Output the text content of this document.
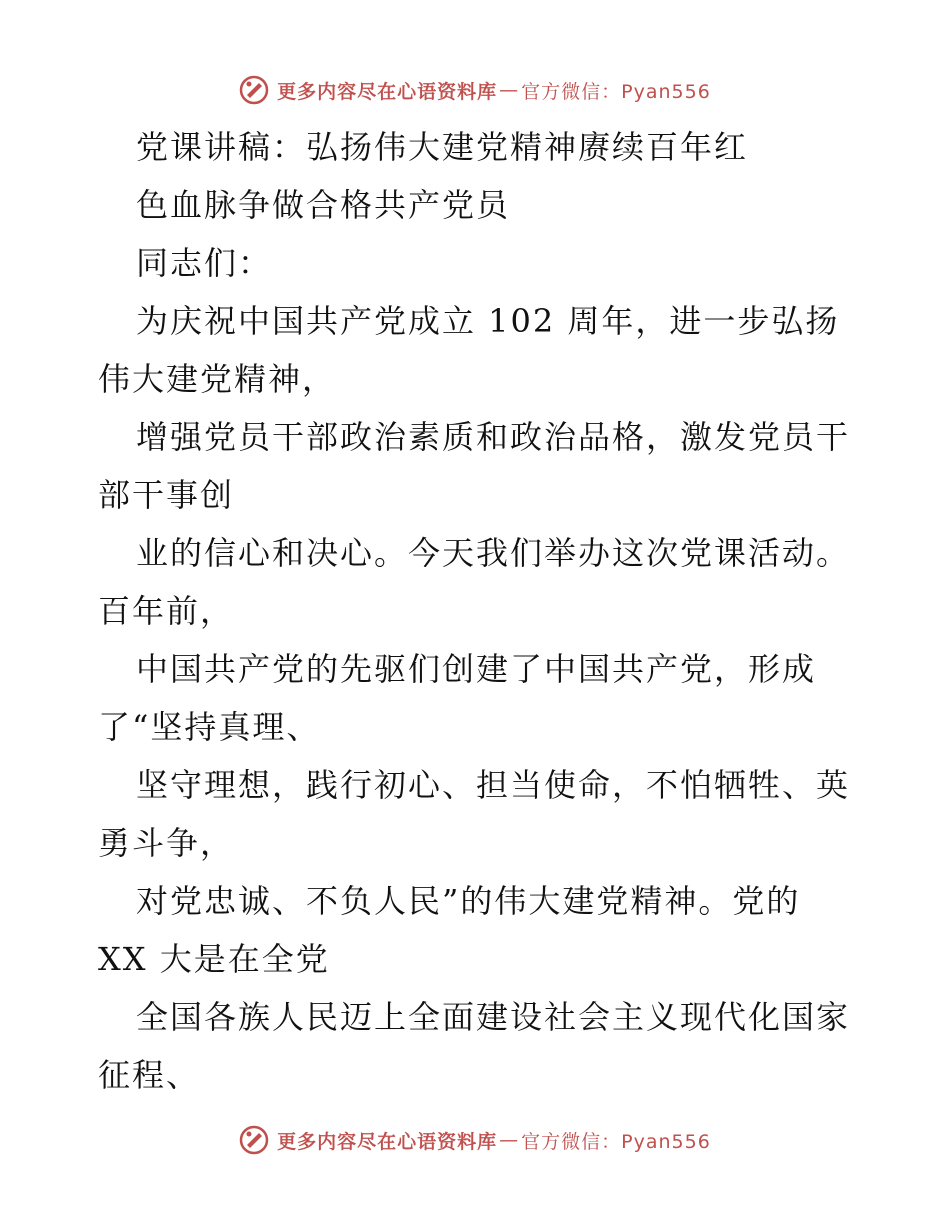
更多内容尽在心语资料库 — 官方微信：Pyan556
党课讲稿：弘扬伟大建党精神赓续百年红
色血脉争做合格共产党员
同志们：
为庆祝中国共产党成立 102 周年，进一步弘扬
伟大建党精神，
增强党员干部政治素质和政治品格，激发党员干
部干事创
业的信心和决心。今天我们举办这次党课活动。
百年前，
中国共产党的先驱们创建了中国共产党，形成
了“坚持真理、
坚守理想，践行初心、担当使命，不怕牺牲、英
勇斗争，
对党忠诚、不负人民”的伟大建党精神。党的
XX 大是在全党
全国各族人民迈上全面建设社会主义现代化国家
征程、
更多内容尽在心语资料库 — 官方微信：Pyan556
